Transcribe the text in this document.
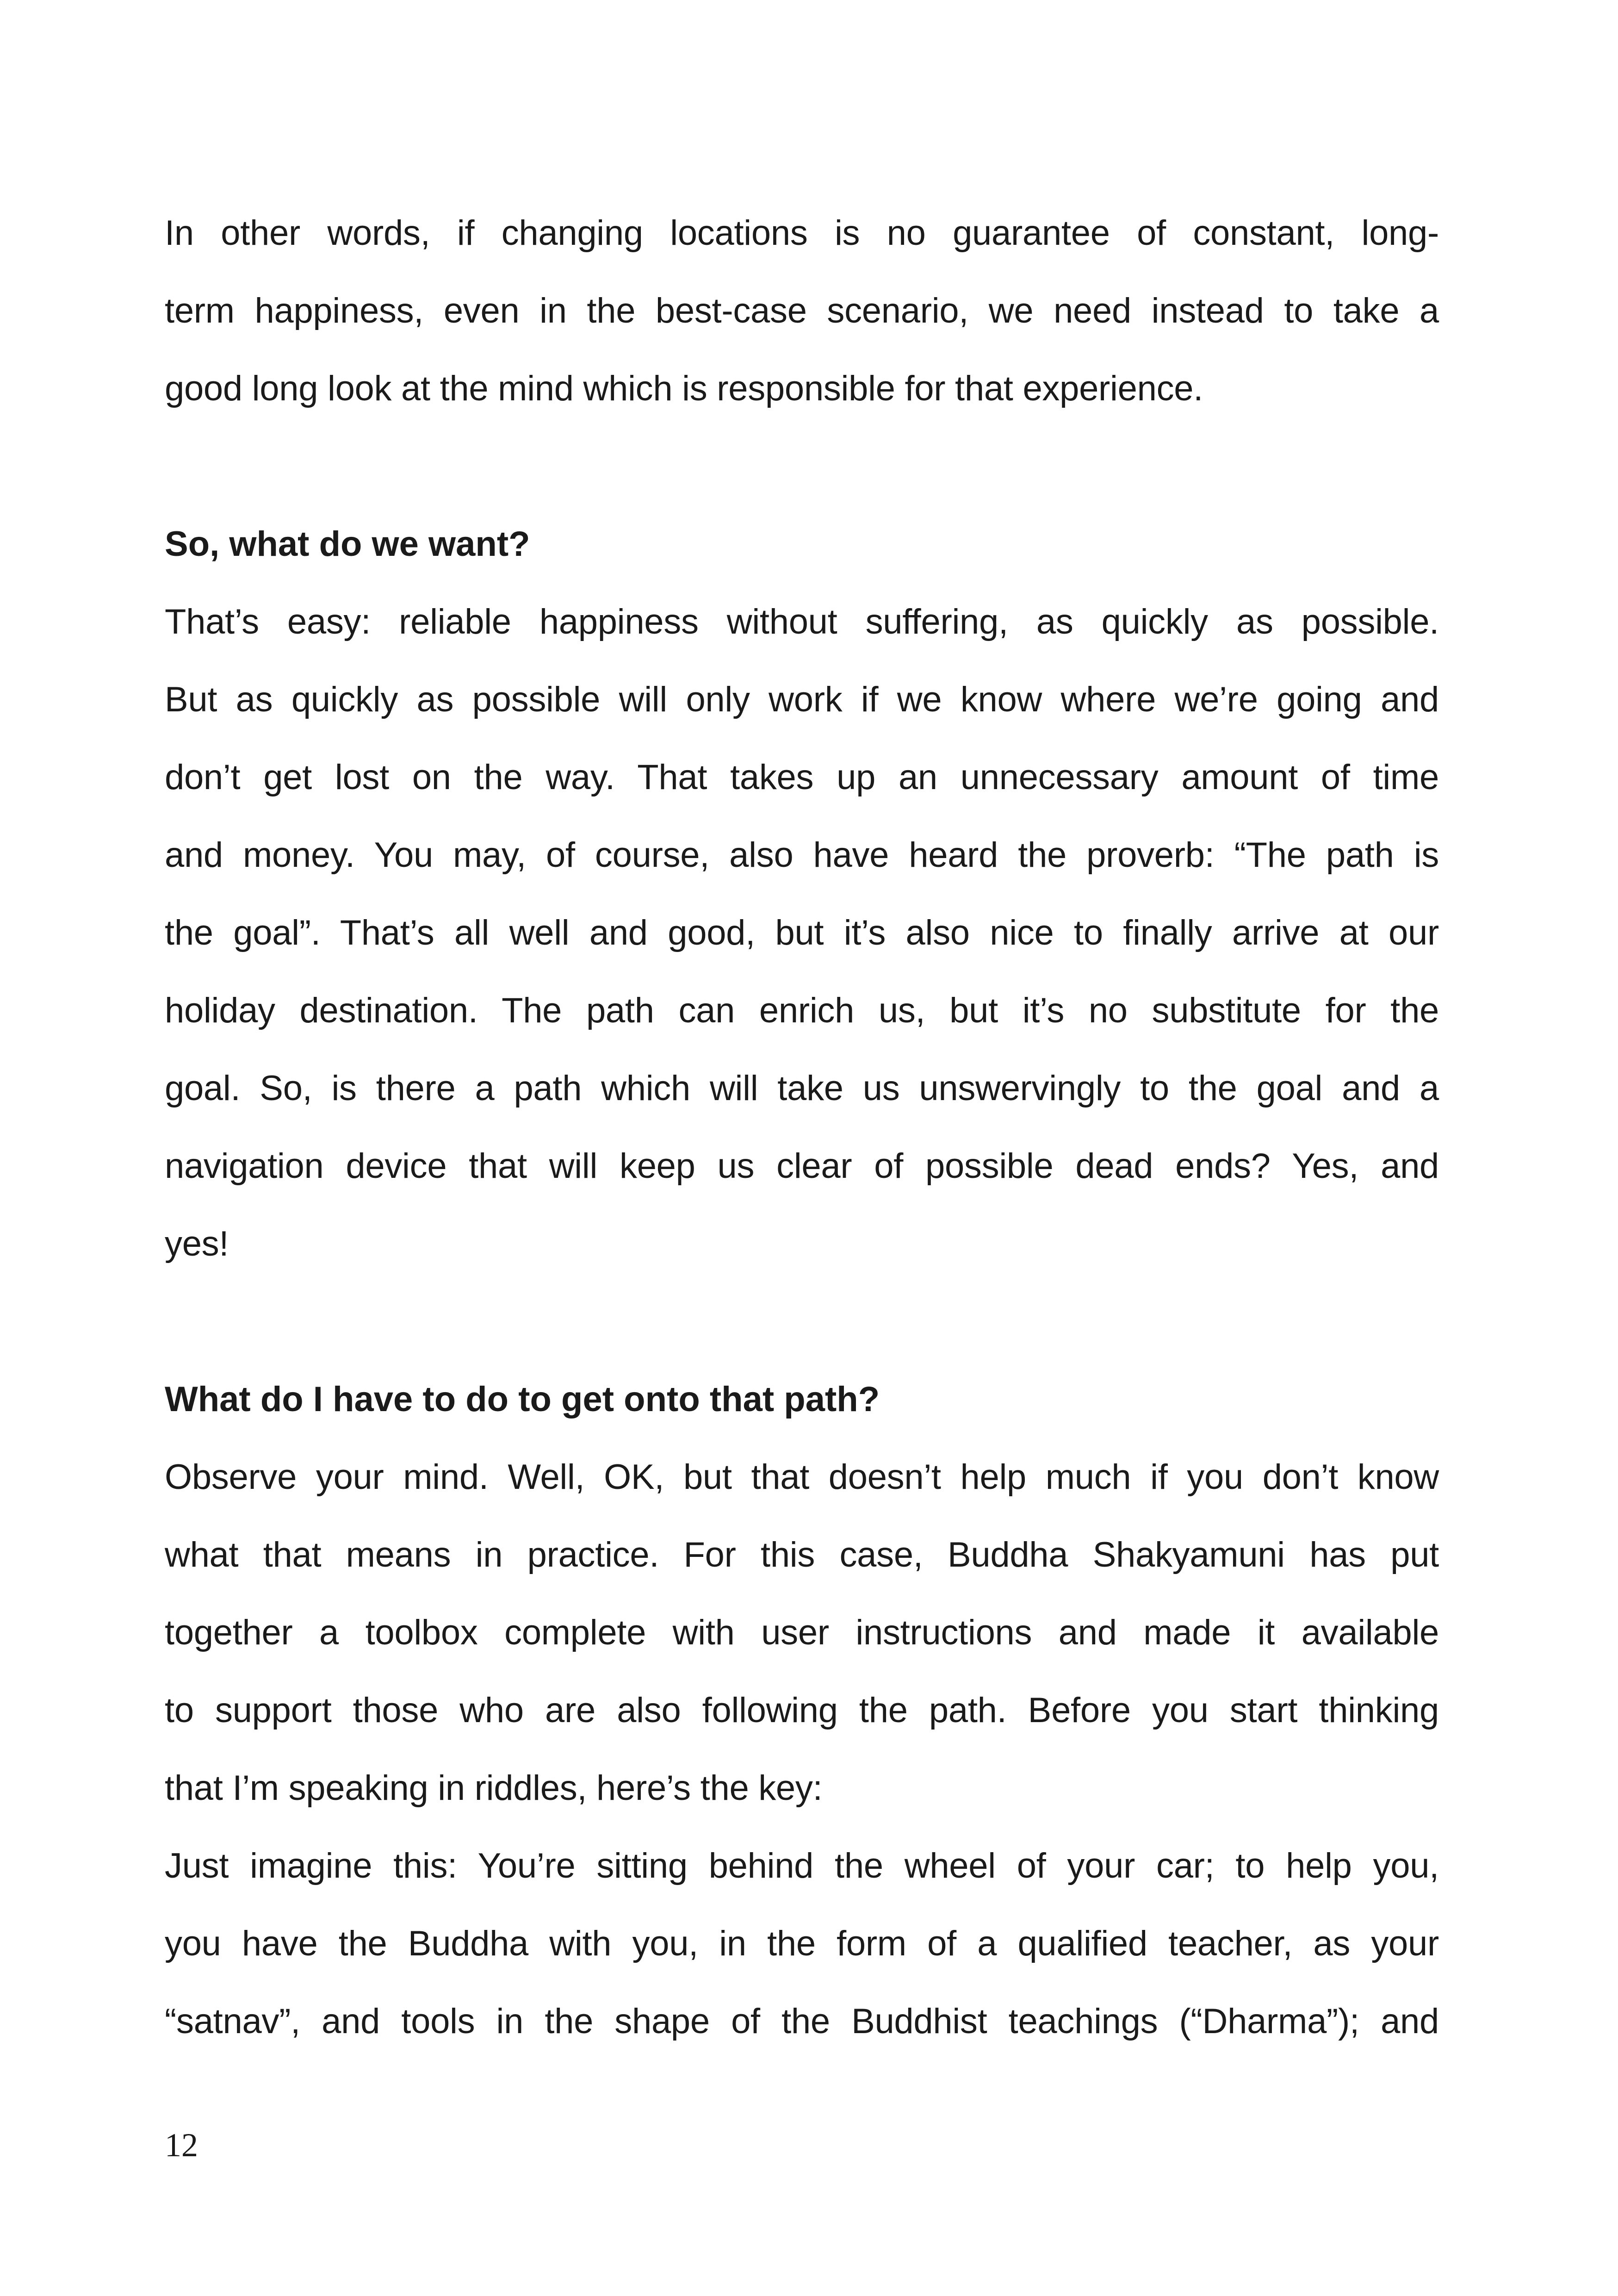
In other words, if changing locations is no guarantee of constant, long-
term happiness, even in the best-case scenario, we need instead to take a
good long look at the mind which is responsible for that experience.
So, what do we want?
That’s easy: reliable happiness without suffering, as quickly as possible.
But as quickly as possible will only work if we know where we’re going and
don’t get lost on the way. That takes up an unnecessary amount of time
and money. You may, of course, also have heard the proverb: “The path is
the goal”. That’s all well and good, but it’s also nice to finally arrive at our
holiday destination. The path can enrich us, but it’s no substitute for the
goal. So, is there a path which will take us unswervingly to the goal and a
navigation device that will keep us clear of possible dead ends? Yes, and
yes!
What do I have to do to get onto that path?
Observe your mind. Well, OK, but that doesn’t help much if you don’t know
what that means in practice. For this case, Buddha Shakyamuni has put
together a toolbox complete with user instructions and made it available
to support those who are also following the path. Before you start thinking
that I’m speaking in riddles, here’s the key:
Just imagine this: You’re sitting behind the wheel of your car; to help you,
you have the Buddha with you, in the form of a qualified teacher, as your
“satnav”, and tools in the shape of the Buddhist teachings (“Dharma”); and
12
